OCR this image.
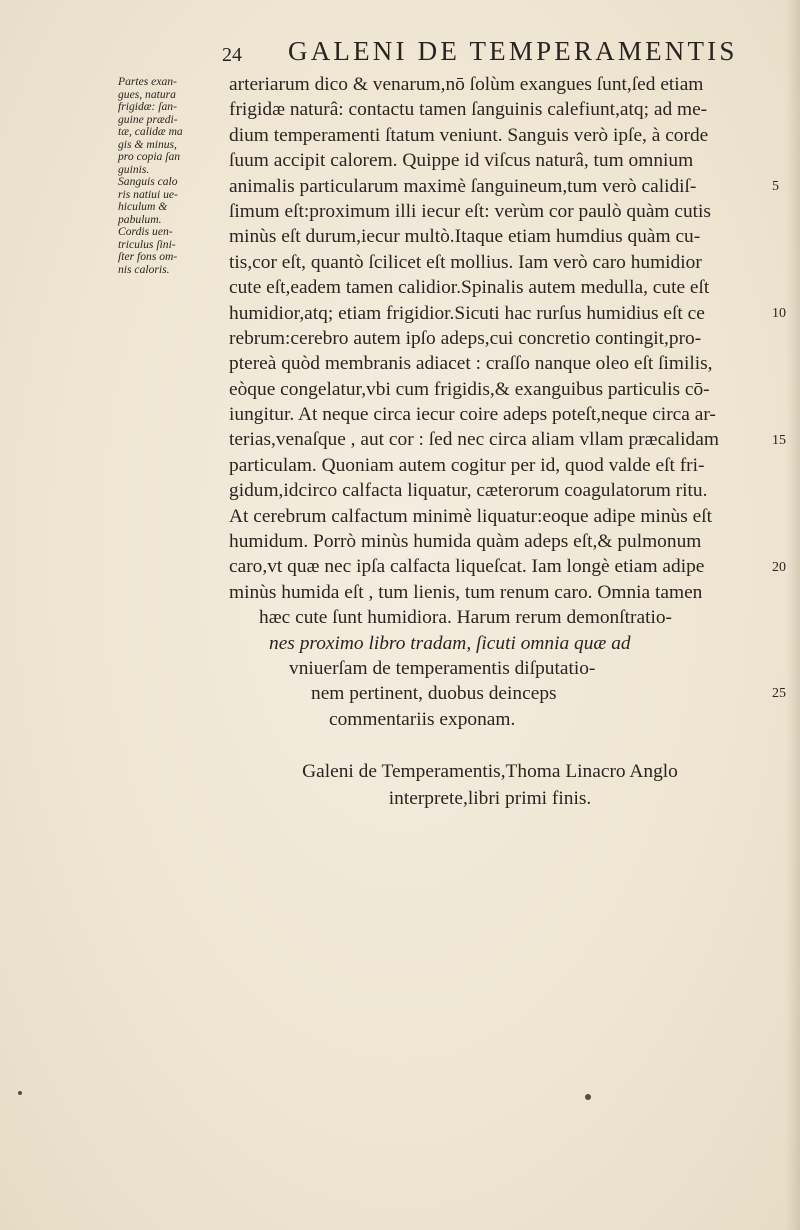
24 GALENI DE TEMPERAMENTIS
Partes exan-
gues, natura
frigidæ: ſan-
guine prædi-
tæ, calidæ ma
gis & minus,
pro copia ſan
guinis.
Sanguis calo
ris natiui ue-
hiculum &
pabulum.
Cordis uen-
triculus ſini-
ſter fons om-
nis caloris.
arteriarum dico & venarum,nō ſolùm exangues ſunt,ſed etiam
frigidæ naturâ: contactu tamen ſanguinis calefiunt,atq; ad me-
dium temperamenti ſtatum veniunt. Sanguis verò ipſe, à corde
ſuum accipit calorem. Quippe id viſcus naturâ, tum omnium
animalis particularum maximè ſanguineum,tum verò calidiſ-
ſimum eſt:proximum illi iecur eſt: verùm cor paulò quàm cutis
minùs eſt durum,iecur multò.Itaque etiam humdius quàm cu-
tis,cor eſt, quantò ſcilicet eſt mollius. Iam verò caro humidior
cute eſt,eadem tamen calidior.Spinalis autem medulla, cute eſt
humidior,atq; etiam frigidior.Sicuti hac rurſus humidius eſt ce
rebrum:cerebro autem ipſo adeps,cui concretio contingit,pro-
ptereà quòd membranis adiacet : craſſo nanque oleo eſt ſimilis,
eòque congelatur,vbi cum frigidis,& exanguibus particulis cō-
iungitur. At neque circa iecur coire adeps poteſt,neque circa ar-
terias,venaſque , aut cor : ſed nec circa aliam vllam præcalidam
particulam. Quoniam autem cogitur per id, quod valde eſt fri-
gidum,idcirco calfacta liquatur, cæterorum coagulatorum ritu.
At cerebrum calfactum minimè liquatur:eoque adipe minùs eſt
humidum. Porrò minùs humida quàm adeps eſt,& pulmonum
caro,vt quæ nec ipſa calfacta liqueſcat. Iam longè etiam adipe
minùs humida eſt , tum lienis, tum renum caro. Omnia tamen
hæc cute ſunt humidiora. Harum rerum demonſtratio-
nes proximo libro tradam, ſicuti omnia quæ ad
vniuerſam de temperamentis diſputatio-
nem pertinent, duobus deinceps
commentariis exponam.
5
10
15
20
25
Galeni de Temperamentis,Thoma Linacro Anglo
interprete,libri primi finis.
